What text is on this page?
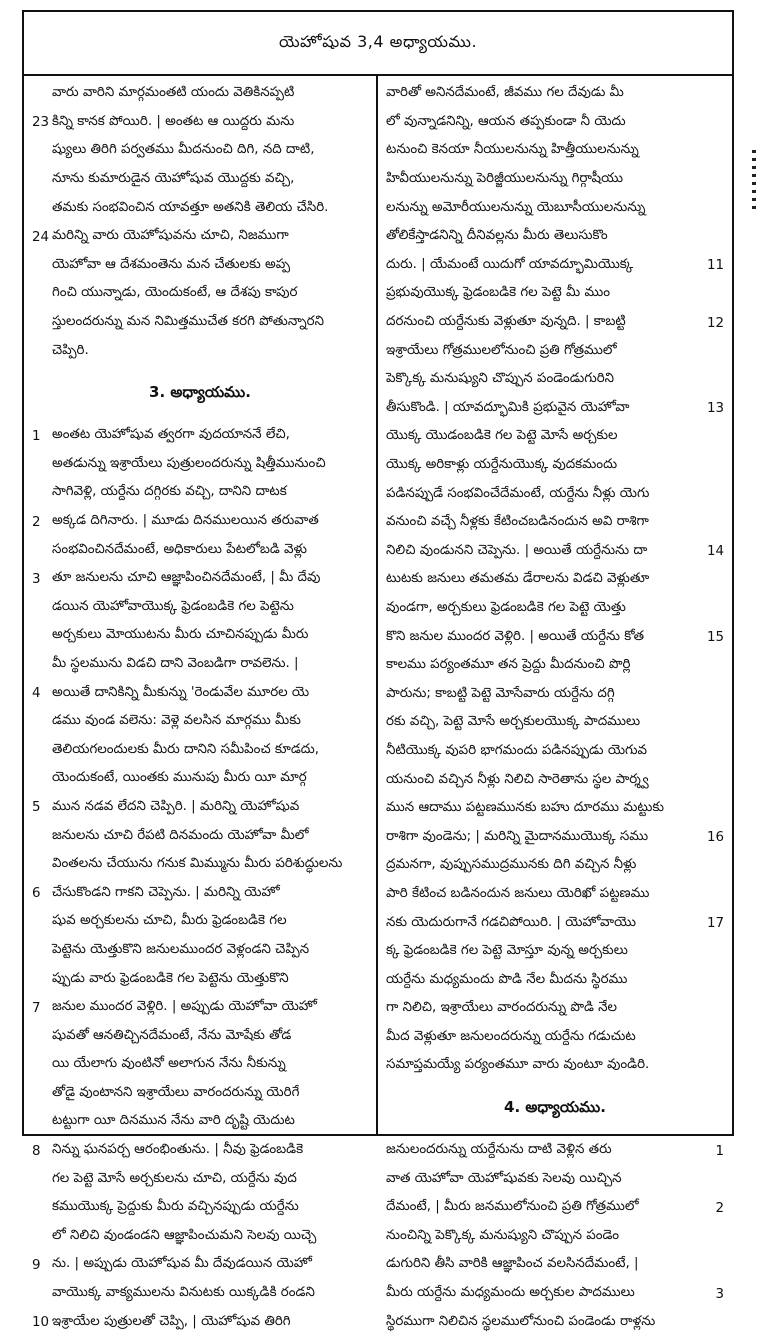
యెహోషువ 3,4 అధ్యాయము.
వారు వారిని మార్గమంతటి యందు వెతికినప్పటి
23 కిన్ని కానక పోయిరి. | అంతట ఆ యిద్దరు మను
ష్యులు తిరిగి పర్వతము మీదనుంచి దిగి, నది దాటి,
నూను కుమారుడైన యెహోషువ యొద్దకు వచ్చి,
తమకు సంభవించిన యావత్తూ అతనికి తెలియ చేసిరి.
24 మరిన్ని వారు యెహోషువను చూచి, నిజముగా
యెహోవా ఆ దేశమంతెను మన చేతులకు అప్ప
గించి యున్నాడు, యెందుకంటే, ఆ దేశపు కాపుర
స్తులందరున్ను మన నిమిత్తముచేత కరగి పోతున్నారని
చెప్పిరి.
3. అధ్యాయము.
1 అంతట యెహోషువ త్వరగా వుదయాననే లేచి,
అతడున్ను ఇశ్రాయేలు పుత్రులందరున్ను షిత్తీమునుంచి
సాగివెళ్లి, యర్దేను దగ్గిరకు వచ్చి, దానిని దాటక
2 అక్కడ దిగినారు. | మూడు దినములయిన తరువాత
సంభవించినదేమంటే, అధికారులు పేటలోబడి వెళ్లు
3 తూ జనులను చూచి ఆజ్ఞాపించినదేమంటే, | మీ దేవు
డయిన యెహోవాయొక్క ఫ్రెడంబడికె గల పెట్టెను
అర్చకులు మోయుటను మీరు చూచినప్పుడు మీరు
మీ స్థలమును విడచి దాని వెంబడిగా రావలెను. |
4 అయితే దానికిన్ని మీకున్ను 'రెండువేల మూరల యె
డము వుండ వలెను: వెళ్లె వలసిన మార్గము మీకు
తెలియగలందులకు మీరు దానిని సమీపించ కూడదు,
యెందుకంటే, యింతకు మునుపు మీరు యీ మార్గ
5 మున నడవ లేదని చెప్పిరి. | మరిన్ని యెహోషువ
జనులను చూచి రేపటి దినమందు యెహోవా మీలో
వింతలను చేయును గనుక మిమ్మును మీరు పరిశుద్ధులను
6 చేసుకొండని గాకని చెప్పెను. | మరిన్ని యెహో
షువ అర్చకులను చూచి, మీరు ఫ్రెడంబడికె గల
పెట్టెను యెత్తుకొని జనులముందర వెళ్లండని చెప్పిన
ప్పుడు వారు ఫ్రెడంబడికె గల పెట్టెను యెత్తుకొని
7 జనుల ముందర వెళ్లిరి. | అప్పుడు యెహోవా యెహో
షువతో ఆనతిచ్చినదేమంటే, నేను మోషేకు తోడ
యి యేలాగు వుంటినో అలాగున నేను నీకున్ను
తోడై వుంటానని ఇశ్రాయేలు వారందరున్ను యెరిగే
టట్టుగా యీ దినమున నేను వారి దృష్టి యెదుట
8 నిన్ను ఘనపర్చ ఆరంభింతును. | నీవు ఫ్రెడంబడికె
గల పెట్టె మోసే అర్చకులను చూచి, యర్దేను వుద
కముయొక్క ప్రెద్దుకు మీరు వచ్చినప్పుడు యర్దేను
లో నిలిచి వుండండని ఆజ్ఞాపించుమని సెలవు యిచ్చె
9 ను. | అప్పుడు యెహోషువ మీ దేవుడయిన యెహో
వాయొక్క వాక్యములను వినుటకు యిక్కడికి రండని
10 ఇశ్రాయేల పుత్రులతో చెప్పి, | యెహోషువ తిరిగి
వారితో అనినదేమంటే, జీవము గల దేవుడు మీ
లో వున్నాడనిన్ని, ఆయన తప్పకుండా నీ యెదు
టనుంచి కెనయా నీయులనున్ను హిత్తీయులనున్ను
హివీయులనున్ను పెరిజ్జీయులనున్ను గిర్గాషీయు
లనున్ను అమోరీయులనున్ను యెబూసీయులనున్ను
తోలికేస్తాడనిన్ని దీనివల్లను మీరు తెలుసుకొం
దురు. | యేమంటే యిదుగో యావద్భూమియొక్క	11
ప్రభువుయొక్క ఫ్రెడంబడికె గల పెట్టె మీ ముం
దరనుంచి యర్దేనుకు వెళ్లుతూ వున్నది. | కాబట్టి	12
ఇశ్రాయేలు గోత్రములలోనుంచి ప్రతి గోత్రములో
పెక్కొక్క మనుష్యుని చొప్పున పండెండుగురిని
తీసుకొండి. | యావద్భూమికి ప్రభువైన యెహోవా	13
యొక్క యొడంబడికె గల పెట్టె మోసే అర్చకుల
యొక్క అరికాళ్లు యర్దేనుయొక్క వుదకమందు
పడినప్పుడే సంభవించేదేమంటే, యర్దేను నీళ్లు యెగు
వనుంచి వచ్చే నీళ్లకు కేటించబడినందున అవి రాశిగా
నిలిచి వుండునని చెప్పెను. | అయితే యర్దేనును దా	14
టుటకు జనులు తమతమ డేరాలను విడచి వెళ్లుతూ
వుండగా, అర్చకులు ఫ్రెడంబడికె గల పెట్టె యెత్తు
కొని జనుల ముందర వెళ్లిరి. | అయితే యర్దేను కోత	15
కాలము పర్యంతమూ తన ప్రెద్దు మీదనుంచి పొర్లి
పారును; కాబట్టి పెట్టె మోసేవారు యర్దేను దగ్గి
రకు వచ్చి, పెట్టె మోసే అర్చకులయొక్క పాదములు
నీటియొక్క వుపరి భాగమందు పడినప్పుడు యెగువ
యనుంచి వచ్చిన నీళ్లు నిలిచి సారెతాను స్థల పార్శ్వ
మున ఆదాము పట్టణమునకు బహు దూరము మట్టుకు
రాశిగా వుండెను; | మరిన్ని మైదానముయొక్క సము	16
ద్రమనగా, వుప్పుసముద్రమునకు దిగి వచ్చిన నీళ్లు
పారి కేటించ బడినందున జనులు యెరిఖో పట్టణము
నకు యెదురుగానే గడచిపోయిరి. | యెహోవాయొ	17
క్క ఫ్రెడంబడికె గల పెట్టె మోస్తూ వున్న అర్చకులు
యర్దేను మధ్యమందు పొడి నేల మీదను స్థిరము
గా నిలిచి, ఇశ్రాయేలు వారందరున్ను పొడి నేల
మీద వెళ్లుతూ జనులందరున్ను యర్దేను గడుచుట
సమాప్తమయ్యే పర్యంతమూ వారు వుంటూ వుండిరి.
4. అధ్యాయము.
జనులందరున్ను యర్దేనును దాటి వెళ్లిన తరు	1
వాత యెహోవా యెహోషువకు సెలవు యిచ్చిన
దేమంటే, | మీరు జనములోనుంచి ప్రతి గోత్రములో	2
నుంచిన్ని పెక్కొక్క మనుష్యుని చొప్పున పండెం
డుగురిని తీసి వారికి ఆజ్ఞాపించ వలసినదేమంటే, |
మీరు యర్దేను మధ్యమందు అర్చకుల పాదములు	3
స్థిరముగా నిలిచిన స్థలములోనుంచి పండెండు రాళ్లను
